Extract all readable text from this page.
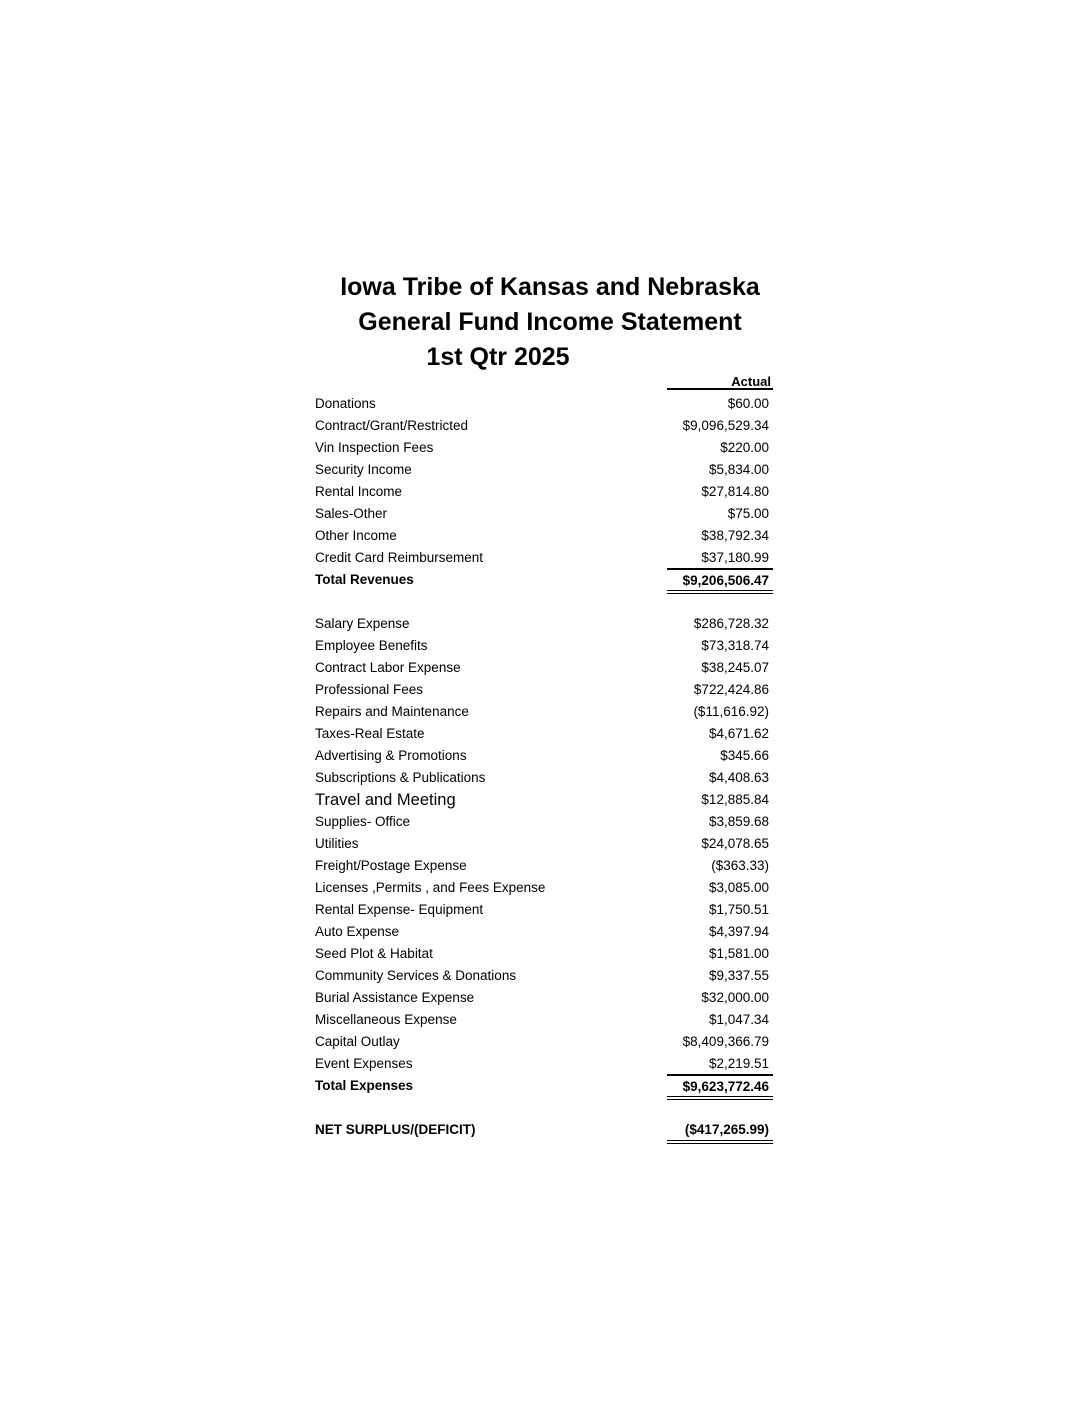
Iowa Tribe of Kansas and Nebraska
General Fund Income Statement
1st Qtr 2025
Actual
Donations	$60.00
Contract/Grant/Restricted	$9,096,529.34
Vin Inspection Fees	$220.00
Security Income	$5,834.00
Rental Income	$27,814.80
Sales-Other	$75.00
Other Income	$38,792.34
Credit Card Reimbursement	$37,180.99
Total Revenues	$9,206,506.47
Salary Expense	$286,728.32
Employee Benefits	$73,318.74
Contract Labor Expense	$38,245.07
Professional Fees	$722,424.86
Repairs and Maintenance	($11,616.92)
Taxes-Real Estate	$4,671.62
Advertising & Promotions	$345.66
Subscriptions & Publications	$4,408.63
Travel and Meeting	$12,885.84
Supplies- Office	$3,859.68
Utilities	$24,078.65
Freight/Postage Expense	($363.33)
Licenses ,Permits , and Fees Expense	$3,085.00
Rental Expense- Equipment	$1,750.51
Auto Expense	$4,397.94
Seed Plot & Habitat	$1,581.00
Community Services & Donations	$9,337.55
Burial Assistance Expense	$32,000.00
Miscellaneous Expense	$1,047.34
Capital Outlay	$8,409,366.79
Event Expenses	$2,219.51
Total Expenses	$9,623,772.46
NET SURPLUS/(DEFICIT)	($417,265.99)
